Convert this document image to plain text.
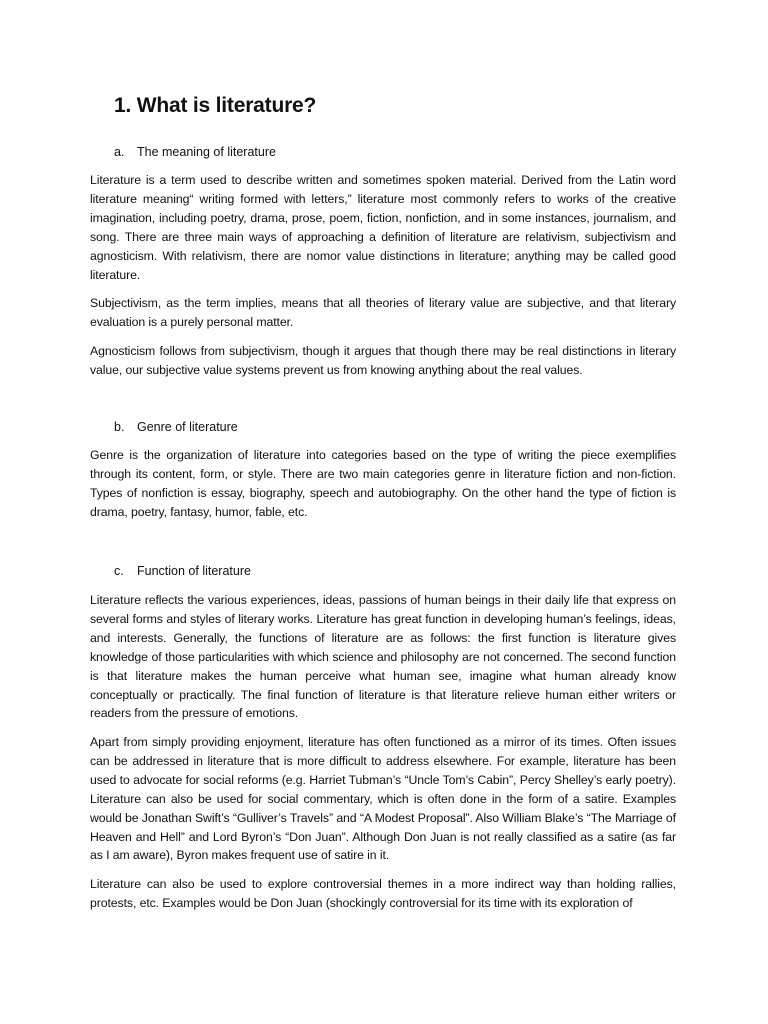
1. What is literature?
a. The meaning of literature

Literature is a term used to describe written and sometimes spoken material. Derived from the Latin word literature meaning“ writing formed with letters,” literature most commonly refers to works of the creative imagination, including poetry, drama, prose, poem, fiction, nonfiction, and in some instances, journalism, and song. There are three main ways of approaching a definition of literature are relativism, subjectivism and agnosticism. With relativism, there are nomor value distinctions in literature; anything may be called good literature.

Subjectivism, as the term implies, means that all theories of literary value are subjective, and that literary evaluation is a purely personal matter.

Agnosticism follows from subjectivism, though it argues that though there may be real distinctions in literary value, our subjective value systems prevent us from knowing anything about the real values.

b. Genre of literature

Genre is the organization of literature into categories based on the type of writing the piece exemplifies through its content, form, or style. There are two main categories genre in literature fiction and non-fiction. Types of nonfiction is essay, biography, speech and autobiography. On the other hand the type of fiction is drama, poetry, fantasy, humor, fable, etc.

c. Function of literature

Literature reflects the various experiences, ideas, passions of human beings in their daily life that express on several forms and styles of literary works. Literature has great function in developing human’s feelings, ideas, and interests. Generally, the functions of literature are as follows: the first function is literature gives knowledge of those particularities with which science and philosophy are not concerned. The second function is that literature makes the human perceive what human see, imagine what human already know conceptually or practically. The final function of literature is that literature relieve human either writers or readers from the pressure of emotions.

Apart from simply providing enjoyment, literature has often functioned as a mirror of its times. Often issues can be addressed in literature that is more difficult to address elsewhere. For example, literature has been used to advocate for social reforms (e.g. Harriet Tubman’s “Uncle Tom’s Cabin”, Percy Shelley’s early poetry). Literature can also be used for social commentary, which is often done in the form of a satire. Examples would be Jonathan Swift’s “Gulliver’s Travels” and “A Modest Proposal”. Also William Blake’s “The Marriage of Heaven and Hell” and Lord Byron’s “Don Juan”. Although Don Juan is not really classified as a satire (as far as I am aware), Byron makes frequent use of satire in it.

Literature can also be used to explore controversial themes in a more indirect way than holding rallies, protests, etc. Examples would be Don Juan (shockingly controversial for its time with its exploration of
